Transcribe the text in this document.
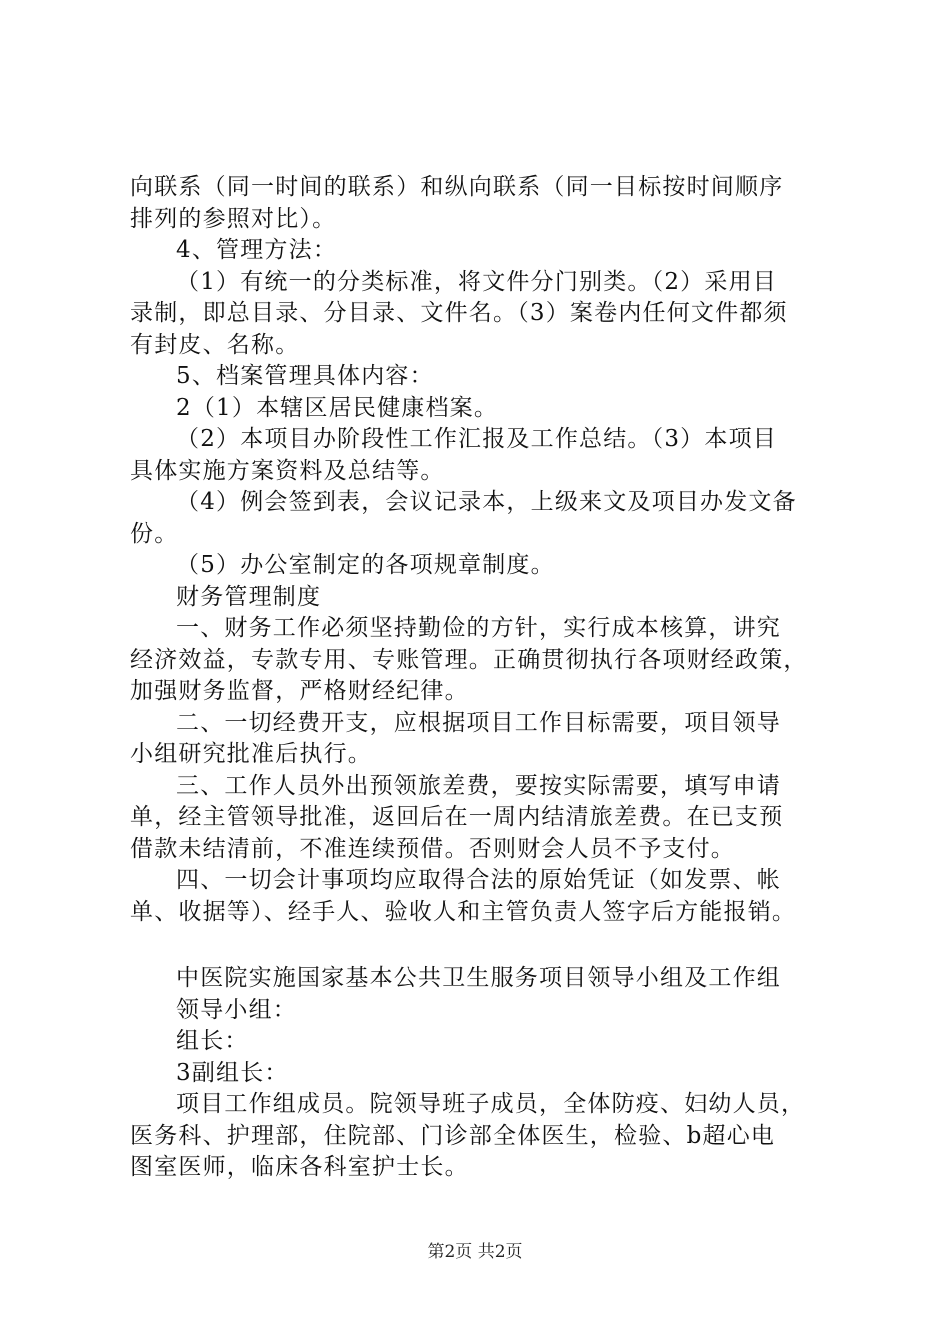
向联系（同一时间的联系）和纵向联系（同一目标按时间顺序
排列的参照对比）。
4、管理方法：
（1）有统一的分类标准，将文件分门别类。（2）采用目
录制，即总目录、分目录、文件名。（3）案卷内任何文件都须
有封皮、名称。
5、档案管理具体内容：
2（1）本辖区居民健康档案。
（2）本项目办阶段性工作汇报及工作总结。（3）本项目
具体实施方案资料及总结等。
（4）例会签到表，会议记录本，上级来文及项目办发文备
份。
（5）办公室制定的各项规章制度。
财务管理制度
一、财务工作必须坚持勤俭的方针，实行成本核算，讲究
经济效益，专款专用、专账管理。正确贯彻执行各项财经政策，
加强财务监督，严格财经纪律。
二、一切经费开支，应根据项目工作目标需要，项目领导
小组研究批准后执行。
三、工作人员外出预领旅差费，要按实际需要，填写申请
单，经主管领导批准，返回后在一周内结清旅差费。在已支预
借款未结清前，不准连续预借。否则财会人员不予支付。
四、一切会计事项均应取得合法的原始凭证（如发票、帐
单、收据等）、经手人、验收人和主管负责人签字后方能报销。
中医院实施国家基本公共卫生服务项目领导小组及工作组
领导小组：
组长：
3副组长：
项目工作组成员。院领导班子成员，全体防疫、妇幼人员，
医务科、护理部，住院部、门诊部全体医生，检验、b超心电
图室医师，临床各科室护士长。
第2页 共2页
